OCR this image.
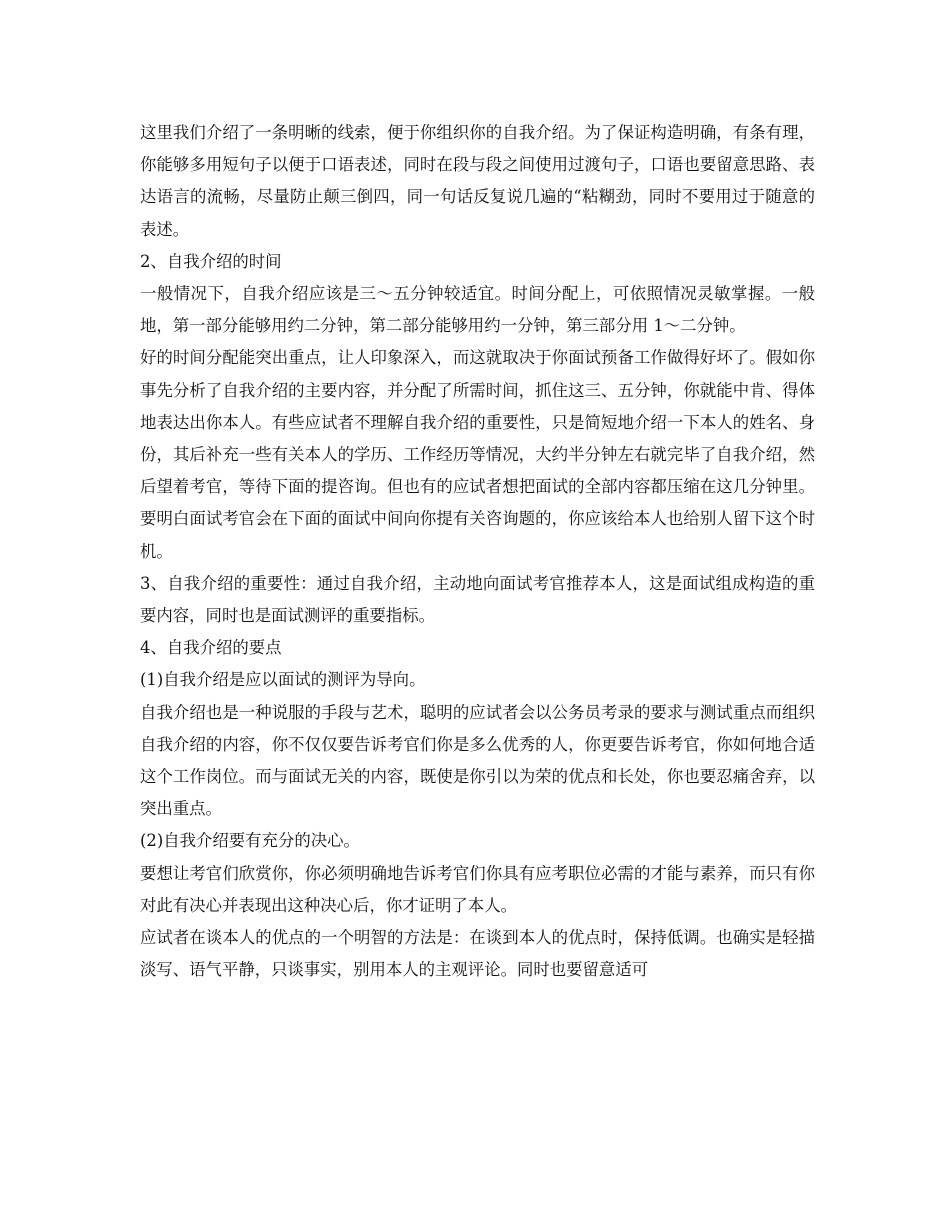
这里我们介绍了一条明晰的线索，便于你组织你的自我介绍。为了保证构造明确，有条有理，你能够多用短句子以便于口语表述，同时在段与段之间使用过渡句子，口语也要留意思路、表达语言的流畅，尽量防止颠三倒四，同一句话反复说几遍的“粘糊劲，同时不要用过于随意的表述。

2、自我介绍的时间

一般情况下，自我介绍应该是三～五分钟较适宜。时间分配上，可依照情况灵敏掌握。一般地，第一部分能够用约二分钟，第二部分能够用约一分钟，第三部分用 1～二分钟。

好的时间分配能突出重点，让人印象深入，而这就取决于你面试预备工作做得好坏了。假如你事先分析了自我介绍的主要内容，并分配了所需时间，抓住这三、五分钟，你就能中肯、得体地表达出你本人。有些应试者不理解自我介绍的重要性，只是简短地介绍一下本人的姓名、身份，其后补充一些有关本人的学历、工作经历等情况，大约半分钟左右就完毕了自我介绍，然后望着考官，等待下面的提咨询。但也有的应试者想把面试的全部内容都压缩在这几分钟里。要明白面试考官会在下面的面试中间向你提有关咨询题的，你应该给本人也给别人留下这个时机。

3、自我介绍的重要性：通过自我介绍，主动地向面试考官推荐本人，这是面试组成构造的重要内容，同时也是面试测评的重要指标。

4、自我介绍的要点

(1)自我介绍是应以面试的测评为导向。

自我介绍也是一种说服的手段与艺术，聪明的应试者会以公务员考录的要求与测试重点而组织自我介绍的内容，你不仅仅要告诉考官们你是多么优秀的人，你更要告诉考官，你如何地合适这个工作岗位。而与面试无关的内容，既使是你引以为荣的优点和长处，你也要忍痛舍弃，以突出重点。

(2)自我介绍要有充分的决心。

要想让考官们欣赏你，你必须明确地告诉考官们你具有应考职位必需的才能与素养，而只有你对此有决心并表现出这种决心后，你才证明了本人。

应试者在谈本人的优点的一个明智的方法是：在谈到本人的优点时，保持低调。也确实是轻描淡写、语气平静，只谈事实，别用本人的主观评论。同时也要留意适可
